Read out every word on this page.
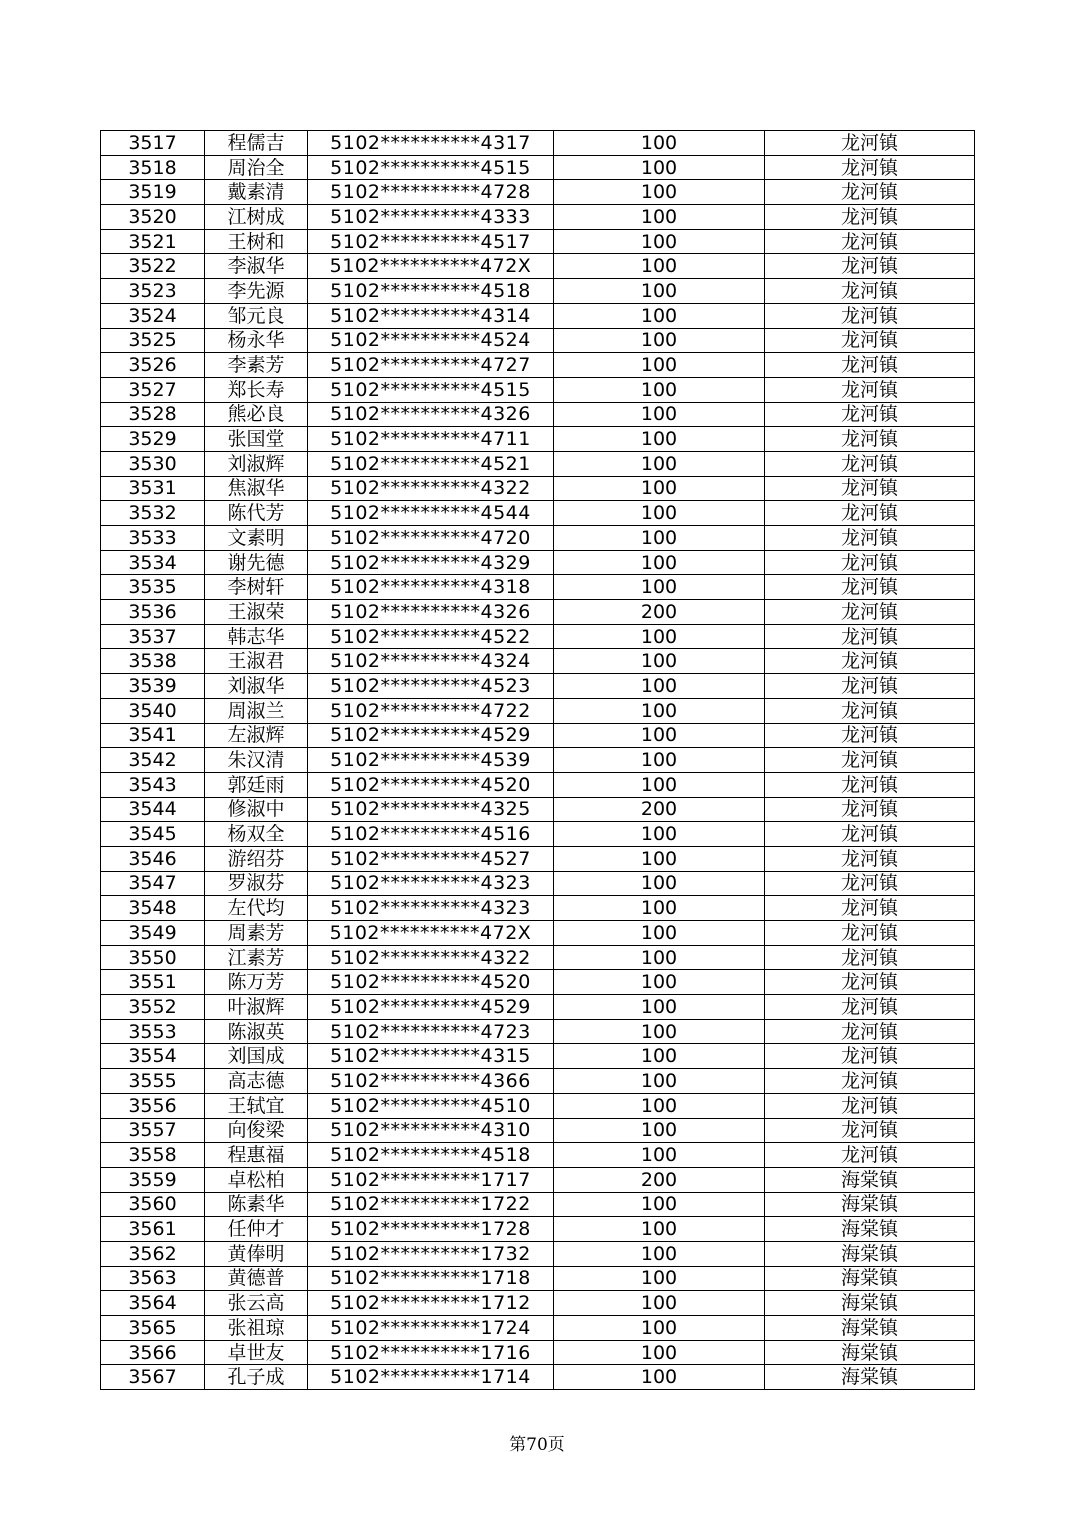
3517	程儒吉	5102**********4317	100	龙河镇
3518	周治全	5102**********4515	100	龙河镇
3519	戴素清	5102**********4728	100	龙河镇
3520	江树成	5102**********4333	100	龙河镇
3521	王树和	5102**********4517	100	龙河镇
3522	李淑华	5102**********472X	100	龙河镇
3523	李先源	5102**********4518	100	龙河镇
3524	邹元良	5102**********4314	100	龙河镇
3525	杨永华	5102**********4524	100	龙河镇
3526	李素芳	5102**********4727	100	龙河镇
3527	郑长寿	5102**********4515	100	龙河镇
3528	熊必良	5102**********4326	100	龙河镇
3529	张国堂	5102**********4711	100	龙河镇
3530	刘淑辉	5102**********4521	100	龙河镇
3531	焦淑华	5102**********4322	100	龙河镇
3532	陈代芳	5102**********4544	100	龙河镇
3533	文素明	5102**********4720	100	龙河镇
3534	谢先德	5102**********4329	100	龙河镇
3535	李树轩	5102**********4318	100	龙河镇
3536	王淑荣	5102**********4326	200	龙河镇
3537	韩志华	5102**********4522	100	龙河镇
3538	王淑君	5102**********4324	100	龙河镇
3539	刘淑华	5102**********4523	100	龙河镇
3540	周淑兰	5102**********4722	100	龙河镇
3541	左淑辉	5102**********4529	100	龙河镇
3542	朱汉清	5102**********4539	100	龙河镇
3543	郭廷雨	5102**********4520	100	龙河镇
3544	修淑中	5102**********4325	200	龙河镇
3545	杨双全	5102**********4516	100	龙河镇
3546	游绍芬	5102**********4527	100	龙河镇
3547	罗淑芬	5102**********4323	100	龙河镇
3548	左代均	5102**********4323	100	龙河镇
3549	周素芳	5102**********472X	100	龙河镇
3550	江素芳	5102**********4322	100	龙河镇
3551	陈万芳	5102**********4520	100	龙河镇
3552	叶淑辉	5102**********4529	100	龙河镇
3553	陈淑英	5102**********4723	100	龙河镇
3554	刘国成	5102**********4315	100	龙河镇
3555	高志德	5102**********4366	100	龙河镇
3556	王轼宜	5102**********4510	100	龙河镇
3557	向俊梁	5102**********4310	100	龙河镇
3558	程惠福	5102**********4518	100	龙河镇
3559	卓松柏	5102**********1717	200	海棠镇
3560	陈素华	5102**********1722	100	海棠镇
3561	任仲才	5102**********1728	100	海棠镇
3562	黄俸明	5102**********1732	100	海棠镇
3563	黄德普	5102**********1718	100	海棠镇
3564	张云高	5102**********1712	100	海棠镇
3565	张祖琼	5102**********1724	100	海棠镇
3566	卓世友	5102**********1716	100	海棠镇
3567	孔子成	5102**********1714	100	海棠镇
第70页
